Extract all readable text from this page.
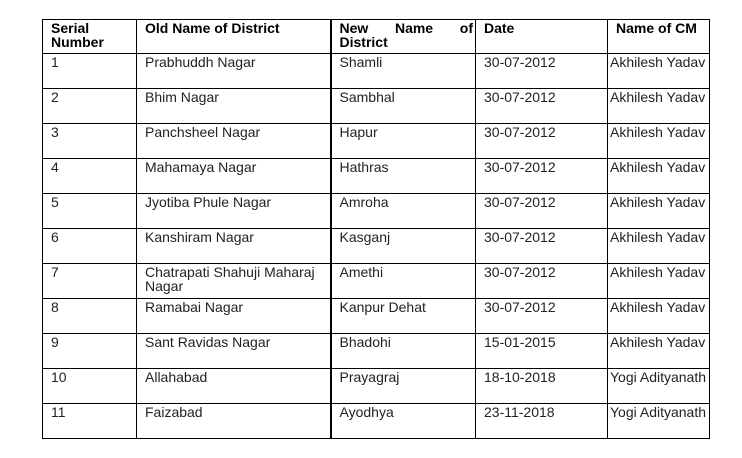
Serial Number	Old Name of District	New Name of District	Date	Name of CM
1	Prabhuddh Nagar	Shamli	30-07-2012	Akhilesh Yadav
2	Bhim Nagar	Sambhal	30-07-2012	Akhilesh Yadav
3	Panchsheel Nagar	Hapur	30-07-2012	Akhilesh Yadav
4	Mahamaya Nagar	Hathras	30-07-2012	Akhilesh Yadav
5	Jyotiba Phule Nagar	Amroha	30-07-2012	Akhilesh Yadav
6	Kanshiram Nagar	Kasganj	30-07-2012	Akhilesh Yadav
7	Chatrapati Shahuji Maharaj Nagar	Amethi	30-07-2012	Akhilesh Yadav
8	Ramabai Nagar	Kanpur Dehat	30-07-2012	Akhilesh Yadav
9	Sant Ravidas Nagar	Bhadohi	15-01-2015	Akhilesh Yadav
10	Allahabad	Prayagraj	18-10-2018	Yogi Adityanath
11	Faizabad	Ayodhya	23-11-2018	Yogi Adityanath
